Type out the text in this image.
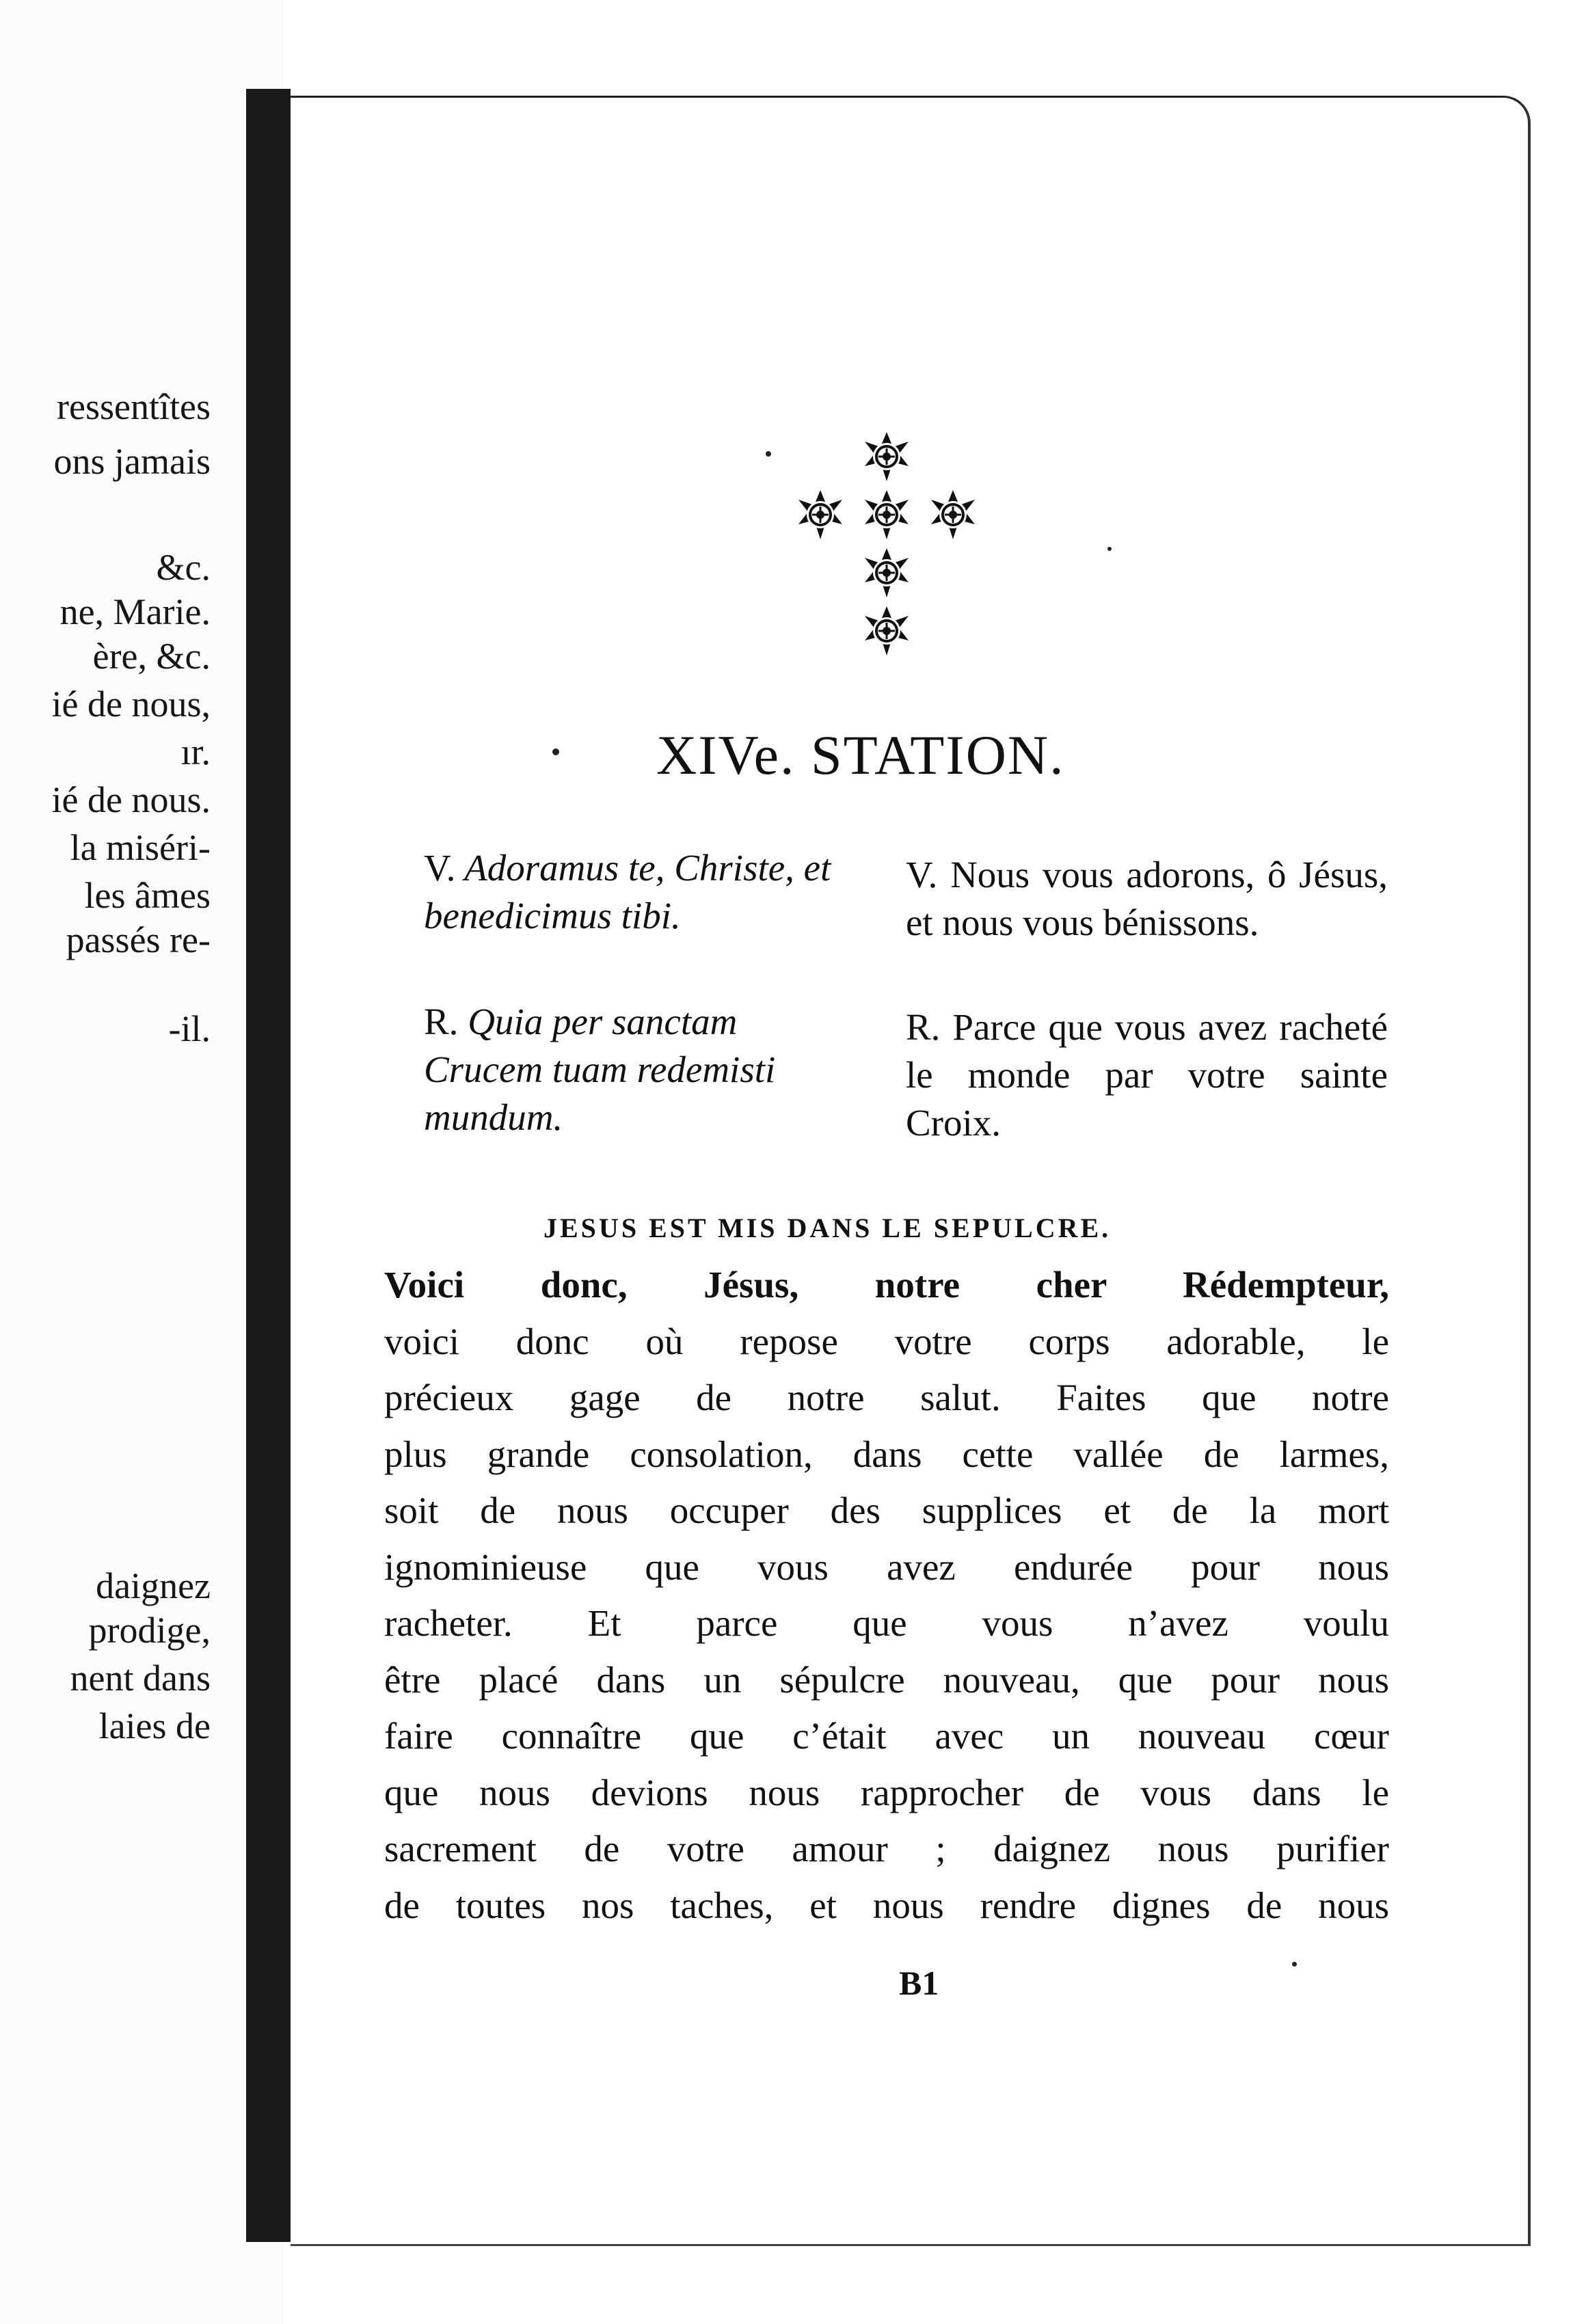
ressentîtes
ons jamais
&c.
ne, Marie.
ère, &c.
ié de nous,
ır.
ié de nous.
la miséri-
les âmes
passés re-
-il.
daignez
prodige,
nent dans
laies de
XIVe. STATION.
V. Adoramus te, Christe, et benedicimus tibi.
V. Nous vous adorons, ô Jésus, et nous vous bénissons.
R. Quia per sanctam Crucem tuam redemisti mundum.
R. Parce que vous avez racheté le monde par votre sainte Croix.
JESUS EST MIS DANS LE SEPULCRE.
Voici donc, Jésus, notre cher Rédempteur,
voici donc où repose votre corps adorable, le
précieux gage de notre salut. Faites que notre
plus grande consolation, dans cette vallée de larmes,
soit de nous occuper des supplices et de la mort
ignominieuse que vous avez endurée pour nous
racheter. Et parce que vous n’avez voulu
être placé dans un sépulcre nouveau, que pour nous
faire connaître que c’était avec un nouveau cœur
que nous devions nous rapprocher de vous dans le
sacrement de votre amour ; daignez nous purifier
de toutes nos taches, et nous rendre dignes de nous

B1
